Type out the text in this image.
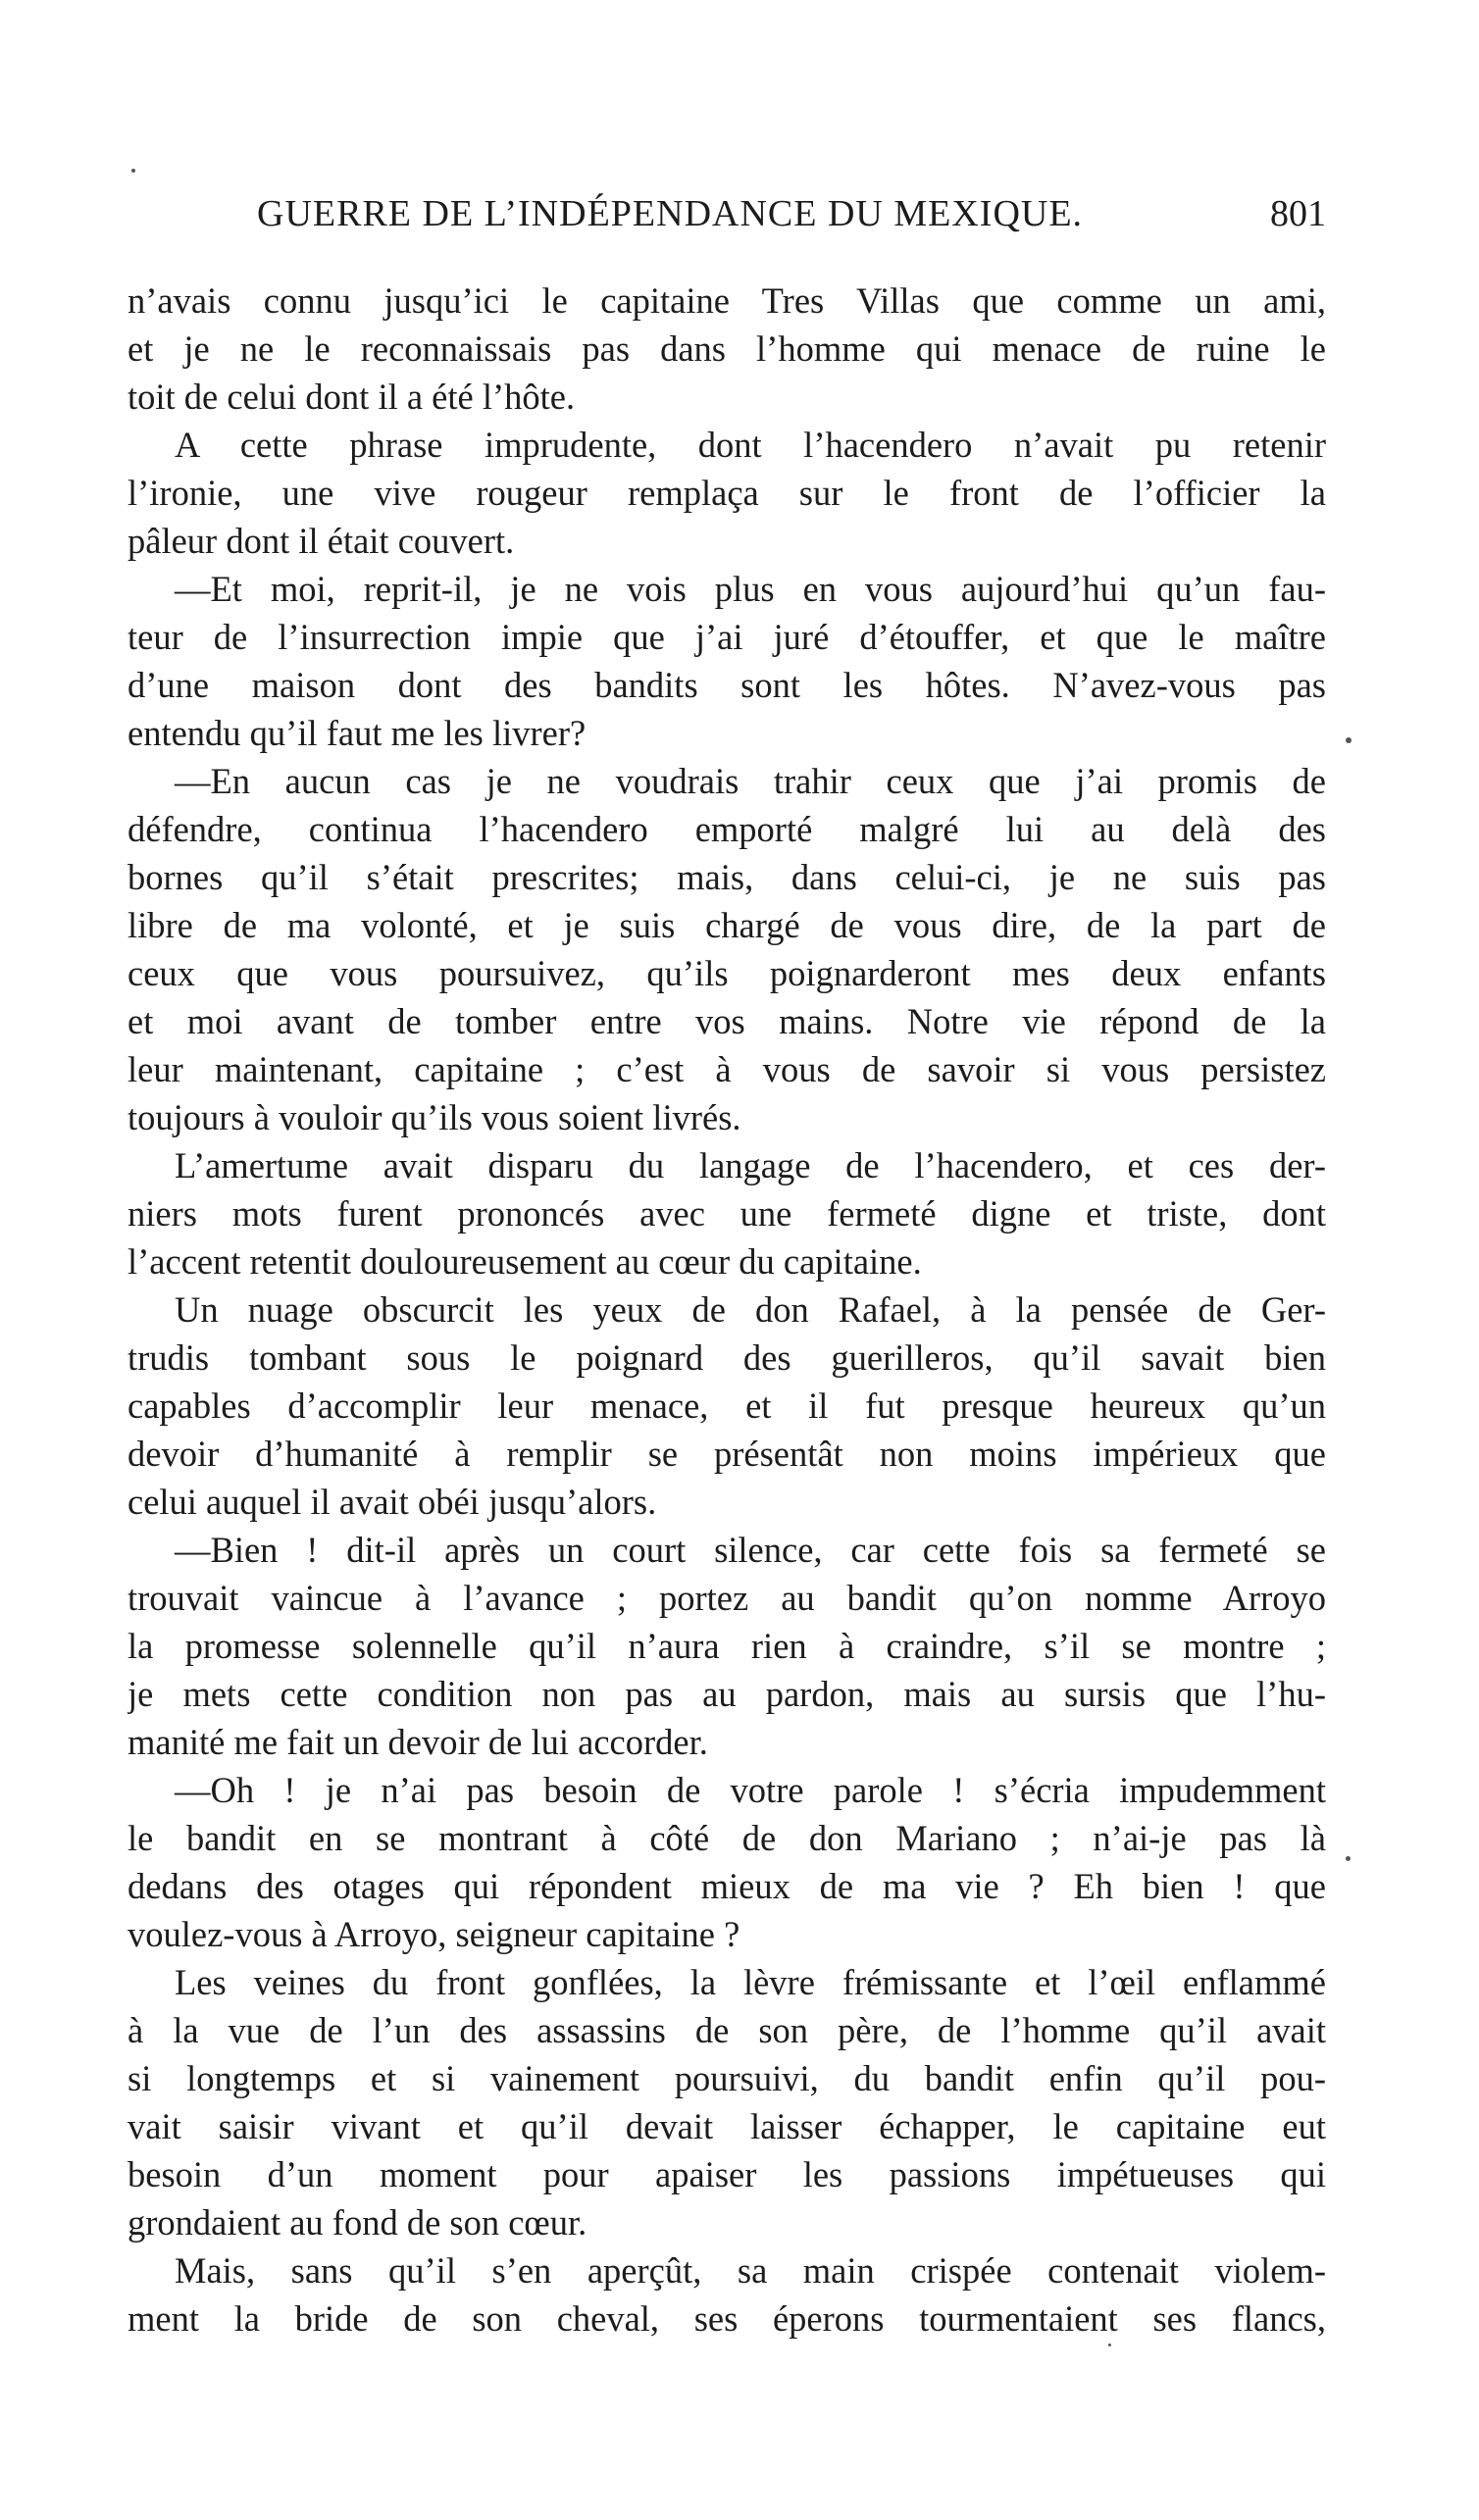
GUERRE DE L’INDÉPENDANCE DU MEXIQUE.	801
n’avais connu jusqu’ici le capitaine Tres Villas que comme un ami,
et je ne le reconnaissais pas dans l’homme qui menace de ruine le
toit de celui dont il a été l’hôte.
A cette phrase imprudente, dont l’hacendero n’avait pu retenir
l’ironie, une vive rougeur remplaça sur le front de l’officier la
pâleur dont il était couvert.
—Et moi, reprit-il, je ne vois plus en vous aujourd’hui qu’un fau-
teur de l’insurrection impie que j’ai juré d’étouffer, et que le maître
d’une maison dont des bandits sont les hôtes. N’avez-vous pas
entendu qu’il faut me les livrer?
—En aucun cas je ne voudrais trahir ceux que j’ai promis de
défendre, continua l’hacendero emporté malgré lui au delà des
bornes qu’il s’était prescrites; mais, dans celui-ci, je ne suis pas
libre de ma volonté, et je suis chargé de vous dire, de la part de
ceux que vous poursuivez, qu’ils poignarderont mes deux enfants
et moi avant de tomber entre vos mains. Notre vie répond de la
leur maintenant, capitaine ; c’est à vous de savoir si vous persistez
toujours à vouloir qu’ils vous soient livrés.
L’amertume avait disparu du langage de l’hacendero, et ces der-
niers mots furent prononcés avec une fermeté digne et triste, dont
l’accent retentit douloureusement au cœur du capitaine.
Un nuage obscurcit les yeux de don Rafael, à la pensée de Ger-
trudis tombant sous le poignard des guerilleros, qu’il savait bien
capables d’accomplir leur menace, et il fut presque heureux qu’un
devoir d’humanité à remplir se présentât non moins impérieux que
celui auquel il avait obéi jusqu’alors.
—Bien ! dit-il après un court silence, car cette fois sa fermeté se
trouvait vaincue à l’avance ; portez au bandit qu’on nomme Arroyo
la promesse solennelle qu’il n’aura rien à craindre, s’il se montre ;
je mets cette condition non pas au pardon, mais au sursis que l’hu-
manité me fait un devoir de lui accorder.
—Oh ! je n’ai pas besoin de votre parole ! s’écria impudemment
le bandit en se montrant à côté de don Mariano ; n’ai-je pas là
dedans des otages qui répondent mieux de ma vie ? Eh bien ! que
voulez-vous à Arroyo, seigneur capitaine ?
Les veines du front gonflées, la lèvre frémissante et l’œil enflammé
à la vue de l’un des assassins de son père, de l’homme qu’il avait
si longtemps et si vainement poursuivi, du bandit enfin qu’il pou-
vait saisir vivant et qu’il devait laisser échapper, le capitaine eut
besoin d’un moment pour apaiser les passions impétueuses qui
grondaient au fond de son cœur.
Mais, sans qu’il s’en aperçût, sa main crispée contenait violem-
ment la bride de son cheval, ses éperons tourmentaient ses flancs,
